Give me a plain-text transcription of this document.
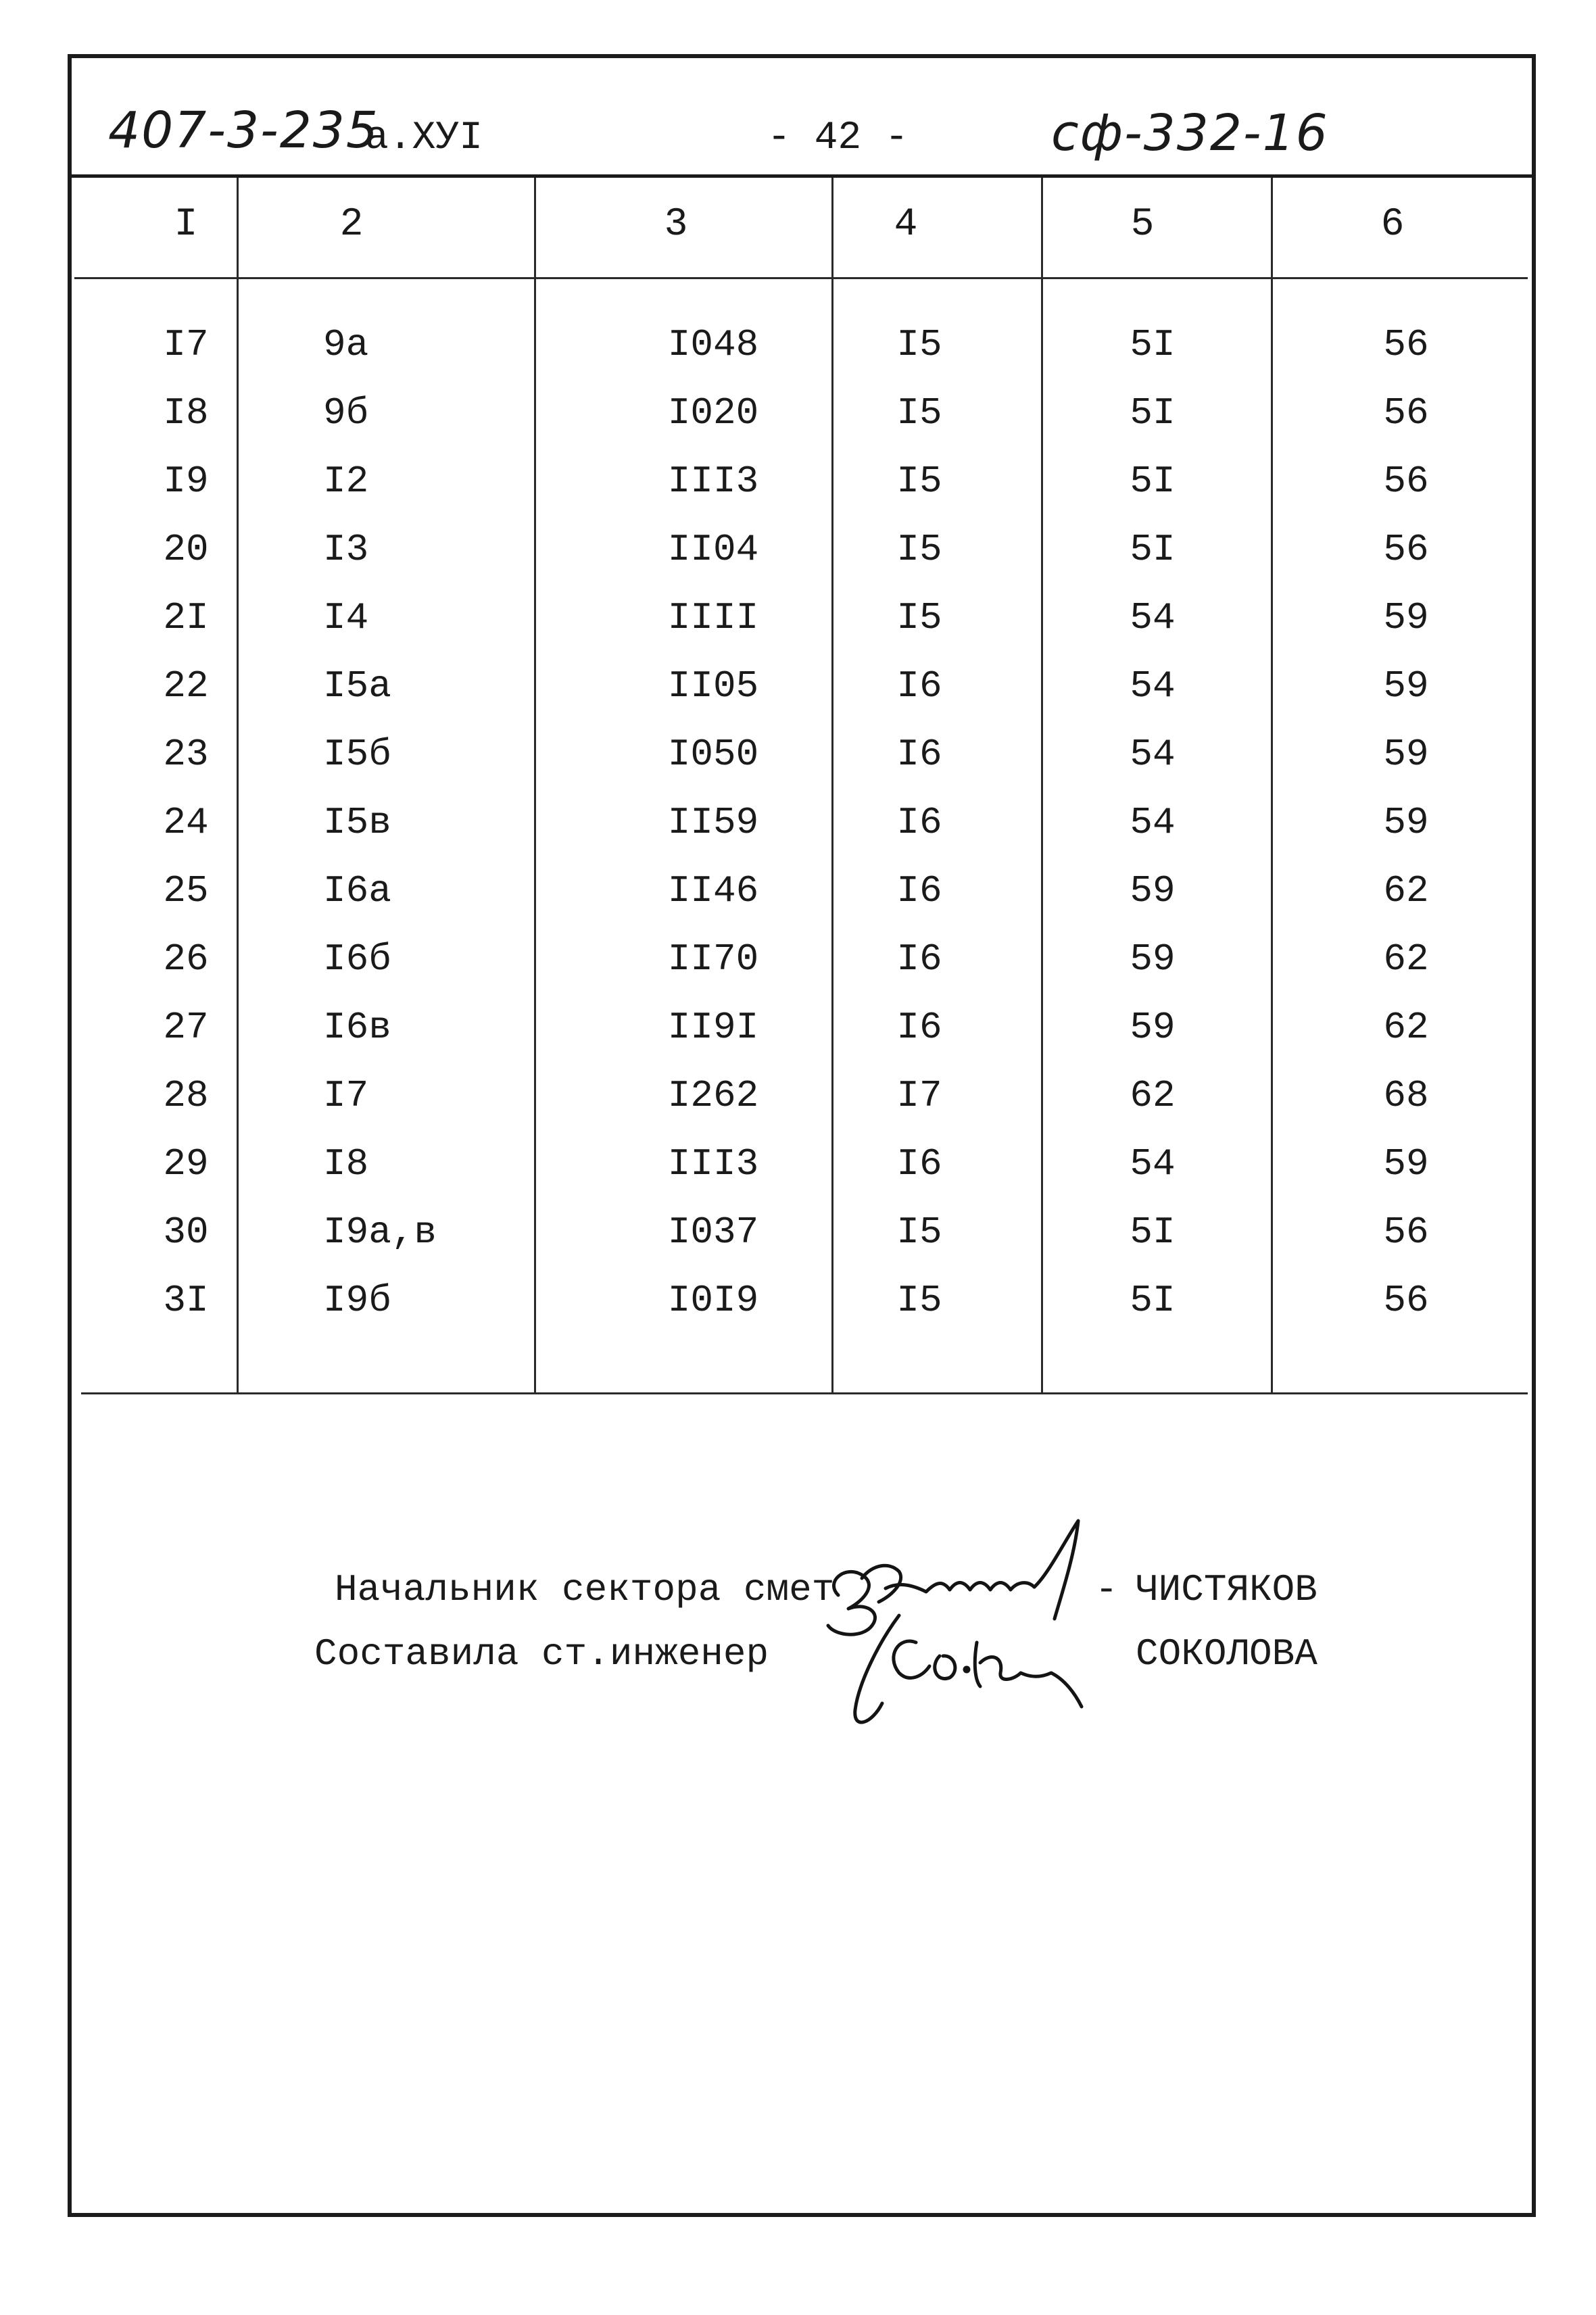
407-3-235
а.ХУI	- 42 -	сф-332-16
I	2	3	4	5	6
I7	9а	I048	I5	5I	56
I8	9б	I020	I5	5I	56
I9	I2	III3	I5	5I	56
20	I3	II04	I5	5I	56
2I	I4	IIII	I5	54	59
22	I5а	II05	I6	54	59
23	I5б	I050	I6	54	59
24	I5в	II59	I6	54	59
25	I6а	II46	I6	59	62
26	I6б	II70	I6	59	62
27	I6в	II9I	I6	59	62
28	I7	I262	I7	62	68
29	I8	III3	I6	54	59
30	I9а,в	I037	I5	5I	56
3I	I9б	I0I9	I5	5I	56
Начальник сектора смет	- ЧИСТЯКОВ
Составила ст.инженер	СОКОЛОВА
